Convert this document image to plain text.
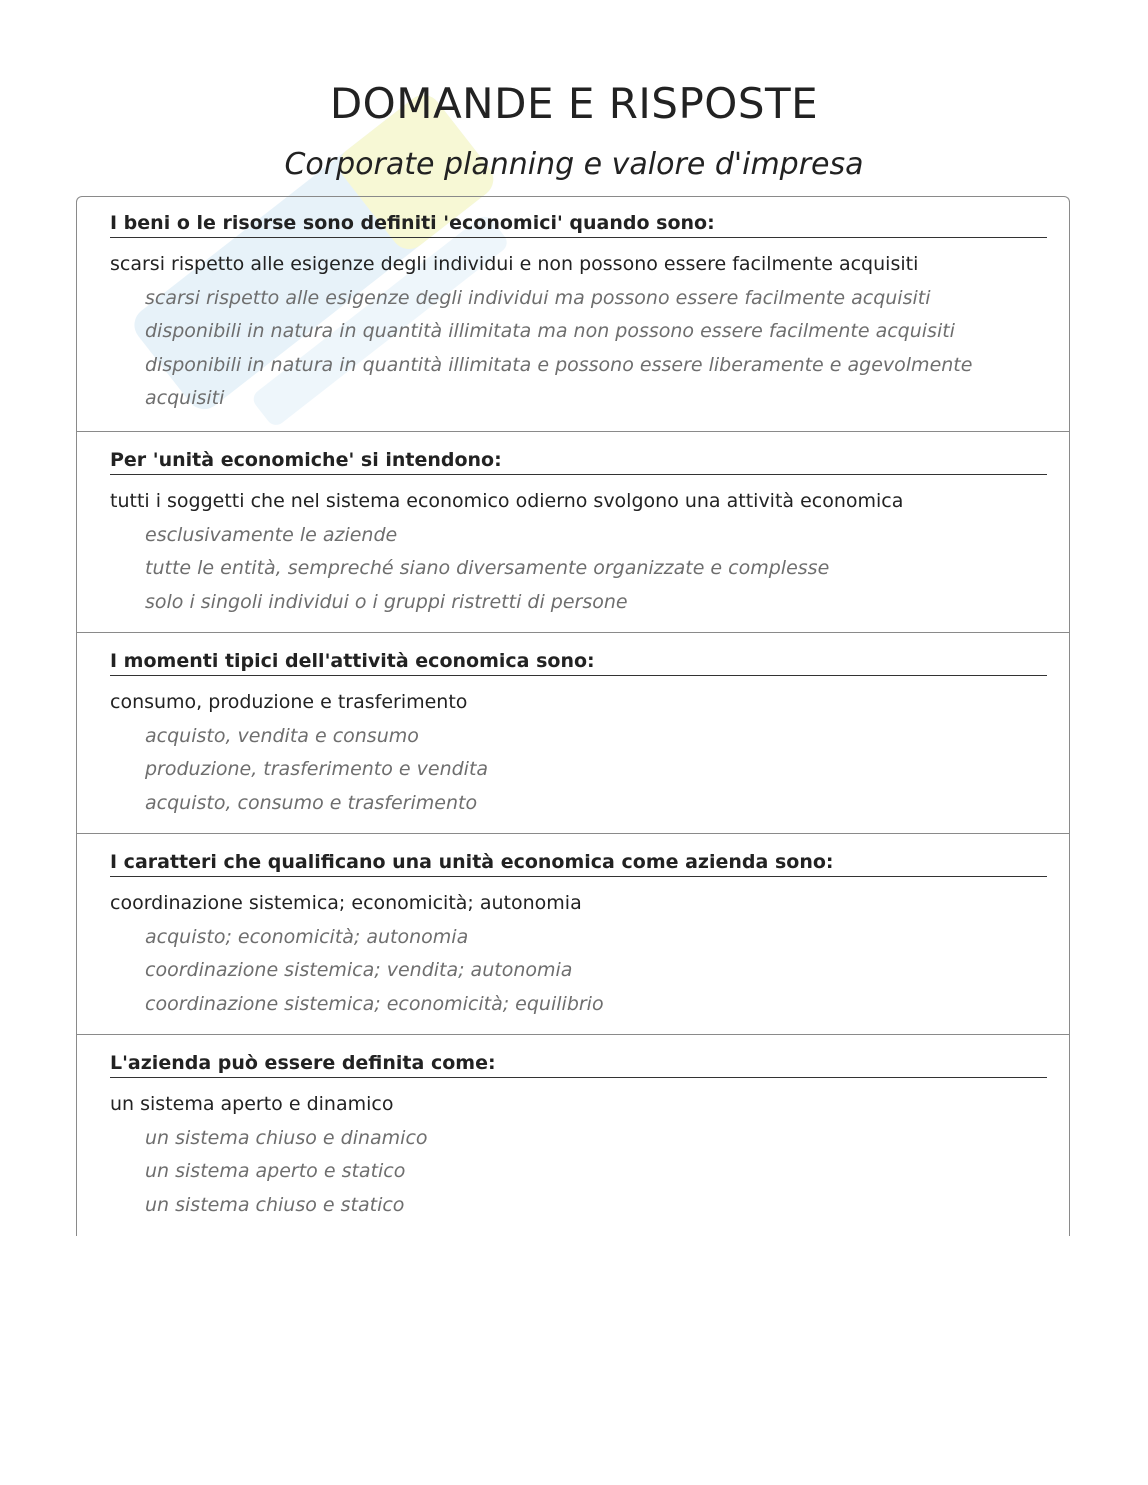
DOMANDE E RISPOSTE
Corporate planning e valore d'impresa
I beni o le risorse sono definiti 'economici' quando sono:
scarsi rispetto alle esigenze degli individui e non possono essere facilmente acquisiti
scarsi rispetto alle esigenze degli individui ma possono essere facilmente acquisiti
disponibili in natura in quantità illimitata ma non possono essere facilmente acquisiti
disponibili in natura in quantità illimitata e possono essere liberamente e agevolmente acquisiti
Per 'unità economiche' si intendono:
tutti i soggetti che nel sistema economico odierno svolgono una attività economica
esclusivamente le aziende
tutte le entità, sempreché siano diversamente organizzate e complesse
solo i singoli individui o i gruppi ristretti di persone
I momenti tipici dell'attività economica sono:
consumo, produzione e trasferimento
acquisto, vendita e consumo
produzione, trasferimento e vendita
acquisto, consumo e trasferimento
I caratteri che qualificano una unità economica come azienda sono:
coordinazione sistemica; economicità; autonomia
acquisto; economicità; autonomia
coordinazione sistemica; vendita; autonomia
coordinazione sistemica; economicità; equilibrio
L'azienda può essere definita come:
un sistema aperto e dinamico
un sistema chiuso e dinamico
un sistema aperto e statico
un sistema chiuso e statico
